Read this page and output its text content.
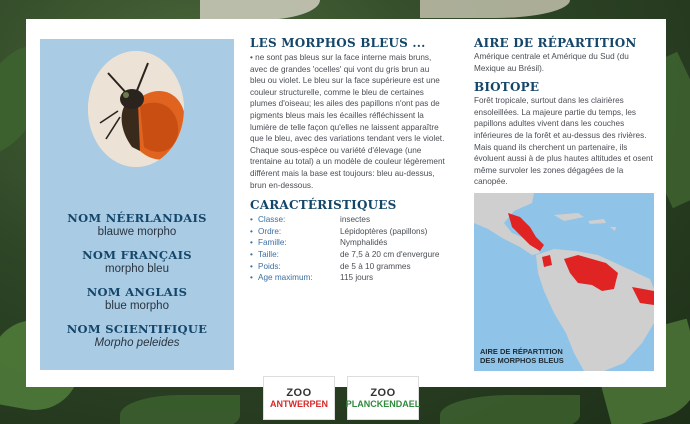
NOM NÉERLANDAIS
blauwe morpho
NOM FRANÇAIS
morpho bleu
NOM ANGLAIS
blue morpho
NOM SCIENTIFIQUE
Morpho peleides
LES MORPHOS BLEUS ...
• ne sont pas bleus sur la face interne mais bruns, avec de grandes 'ocelles' qui vont du gris brun au bleu ou violet. Le bleu sur la face supérieure est une couleur structurelle, comme le bleu de certaines plumes d'oiseau; les ailes des papillons n'ont pas de pigments bleus mais les écailles réfléchissent la lumière de telle façon qu'elles ne laissent apparaître que le bleu, avec des variations tendant vers le violet. Chaque sous-espèce ou variété d'élevage (une trentaine au total) a un modèle de couleur légèrement différent mais la base est toujours: bleu au-dessus, brun en-dessous.
CARACTÉRISTIQUES
• Classe:	insectes
• Ordre:	Lépidoptères (papillons)
• Famille:	Nymphalidés
• Taille:	de 7,5 à 20 cm d'envergure
• Poids:	de 5 à 10 grammes
• Age maximum:	115 jours
AIRE DE RÉPARTITION
Amérique centrale et Amérique du Sud (du Mexique au Brésil).
BIOTOPE
Forêt tropicale, surtout dans les clairières ensoleillées. La majeure partie du temps, les papillons adultes vivent dans les couches inférieures de la forêt et au-dessus des rivières. Mais quand ils cherchent un partenaire, ils évoluent aussi à de plus hautes altitudes et osent même survoler les zones dégagées de la canopée.
AIRE DE RÉPARTITION
DES MORPHOS BLEUS
ZOO
ANTWERPEN
ZOO
PLANCKENDAEL
